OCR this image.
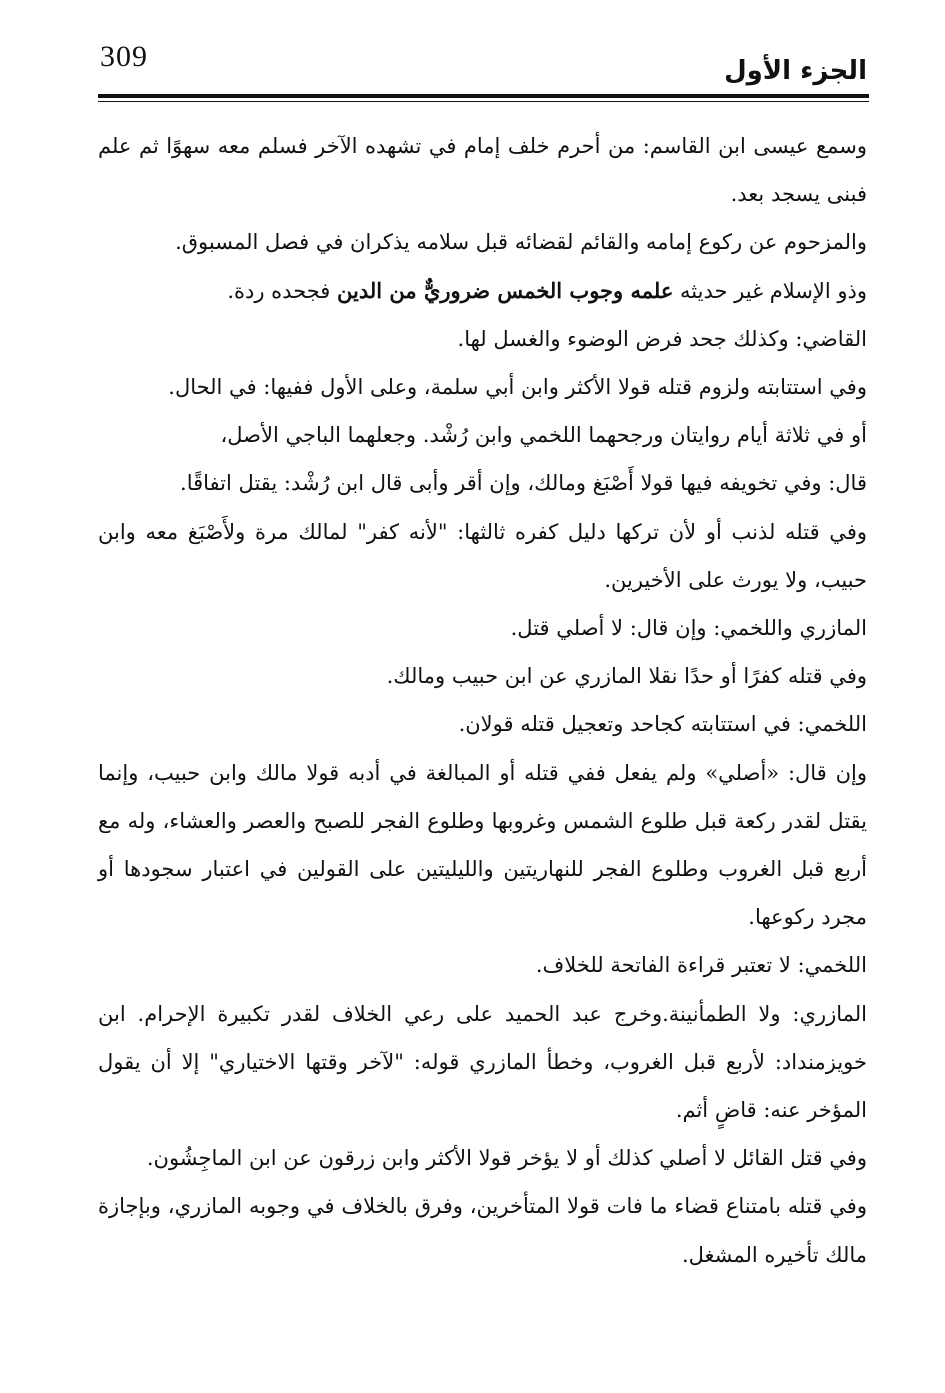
309	الجزء الأول

وسمع عيسى ابن القاسم: من أحرم خلف إمام في تشهده الآخر فسلم معه سهوًا ثم علم فبنى يسجد بعد.

والمزحوم عن ركوع إمامه والقائم لقضائه قبل سلامه يذكران في فصل المسبوق.

وذو الإسلام غير حديثه علمه وجوب الخمس ضروريٌّ من الدين فجحده ردة.

القاضي: وكذلك جحد فرض الوضوء والغسل لها.

وفي استتابته ولزوم قتله قولا الأكثر وابن أبي سلمة، وعلى الأول ففيها: في الحال.

أو في ثلاثة أيام روايتان ورجحهما اللخمي وابن رُشْد. وجعلهما الباجي الأصل،

قال: وفي تخويفه فيها قولا أَصْبَغ ومالك، وإن أقر وأبى قال ابن رُشْد: يقتل اتفاقًا.

وفي قتله لذنب أو لأن تركها دليل كفره ثالثها: "لأنه كفر" لمالك مرة ولأَصْبَغ معه وابن حبيب، ولا يورث على الأخيرين.

المازري واللخمي: وإن قال: لا أصلي قتل.

وفي قتله كفرًا أو حدًا نقلا المازري عن ابن حبيب ومالك.

اللخمي: في استتابته كجاحد وتعجيل قتله قولان.

وإن قال: «أصلي» ولم يفعل ففي قتله أو المبالغة في أدبه قولا مالك وابن حبيب، وإنما يقتل لقدر ركعة قبل طلوع الشمس وغروبها وطلوع الفجر للصبح والعصر والعشاء، وله مع أربع قبل الغروب وطلوع الفجر للنهاريتين والليليتين على القولين في اعتبار سجودها أو مجرد ركوعها.

اللخمي: لا تعتبر قراءة الفاتحة للخلاف.

المازري: ولا الطمأنينة.وخرج عبد الحميد على رعي الخلاف لقدر تكبيرة الإحرام. ابن خويزمنداد: لأربع قبل الغروب، وخطأ المازري قوله: "لآخر وقتها الاختياري" إلا أن يقول المؤخر عنه: قاضٍ أثم.

وفي قتل القائل لا أصلي كذلك أو لا يؤخر قولا الأكثر وابن زرقون عن ابن الماجِشُون.

وفي قتله بامتناع قضاء ما فات قولا المتأخرين، وفرق بالخلاف في وجوبه المازري، وبإجازة مالك تأخيره المشغل.
